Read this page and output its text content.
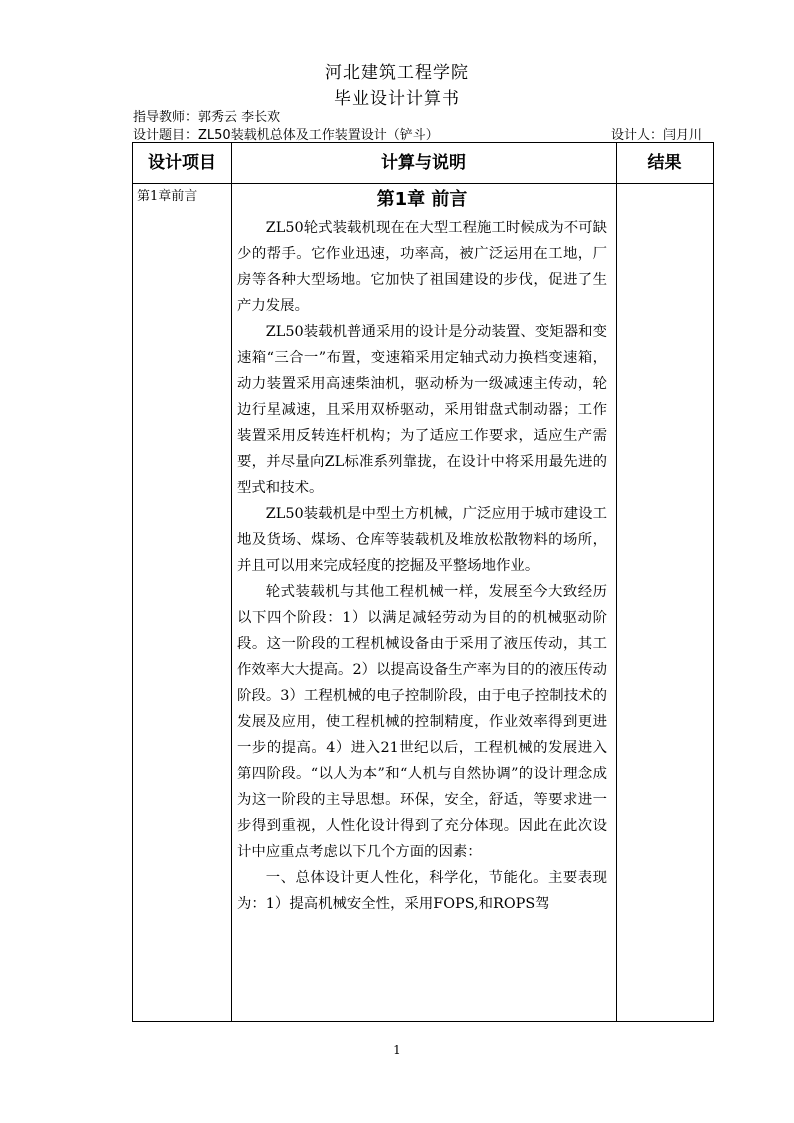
河北建筑工程学院
毕业设计计算书
指导教师：郭秀云 李长欢
设计题目：ZL50装载机总体及工作装置设计（铲斗）	设计人：闫月川
设计项目	计算与说明	结果
第1章前言	第1章 前言

ZL50轮式装载机现在在大型工程施工时候成为不可缺少的帮手。它作业迅速，功率高，被广泛运用在工地，厂房等各种大型场地。它加快了祖国建设的步伐，促进了生产力发展。

ZL50装载机普通采用的设计是分动装置、变矩器和变速箱“三合一”布置，变速箱采用定轴式动力换档变速箱，动力装置采用高速柴油机，驱动桥为一级减速主传动，轮边行星减速，且采用双桥驱动，采用钳盘式制动器；工作装置采用反转连杆机构；为了适应工作要求，适应生产需要，并尽量向ZL标准系列靠拢，在设计中将采用最先进的型式和技术。

ZL50装载机是中型土方机械，广泛应用于城市建设工地及货场、煤场、仓库等装载机及堆放松散物料的场所，并且可以用来完成轻度的挖掘及平整场地作业。

轮式装载机与其他工程机械一样，发展至今大致经历以下四个阶段：1）以满足减轻劳动为目的的机械驱动阶段。这一阶段的工程机械设备由于采用了液压传动，其工作效率大大提高。2）以提高设备生产率为目的的液压传动阶段。3）工程机械的电子控制阶段，由于电子控制技术的发展及应用，使工程机械的控制精度，作业效率得到更进一步的提高。4）进入21世纪以后，工程机械的发展进入第四阶段。“以人为本”和“人机与自然协调”的设计理念成为这一阶段的主导思想。环保，安全，舒适，等要求进一步得到重视，人性化设计得到了充分体现。因此在此次设计中应重点考虑以下几个方面的因素：

一、总体设计更人性化，科学化，节能化。主要表现为：1）提高机械安全性，采用FOPS,和ROPS驾

1
